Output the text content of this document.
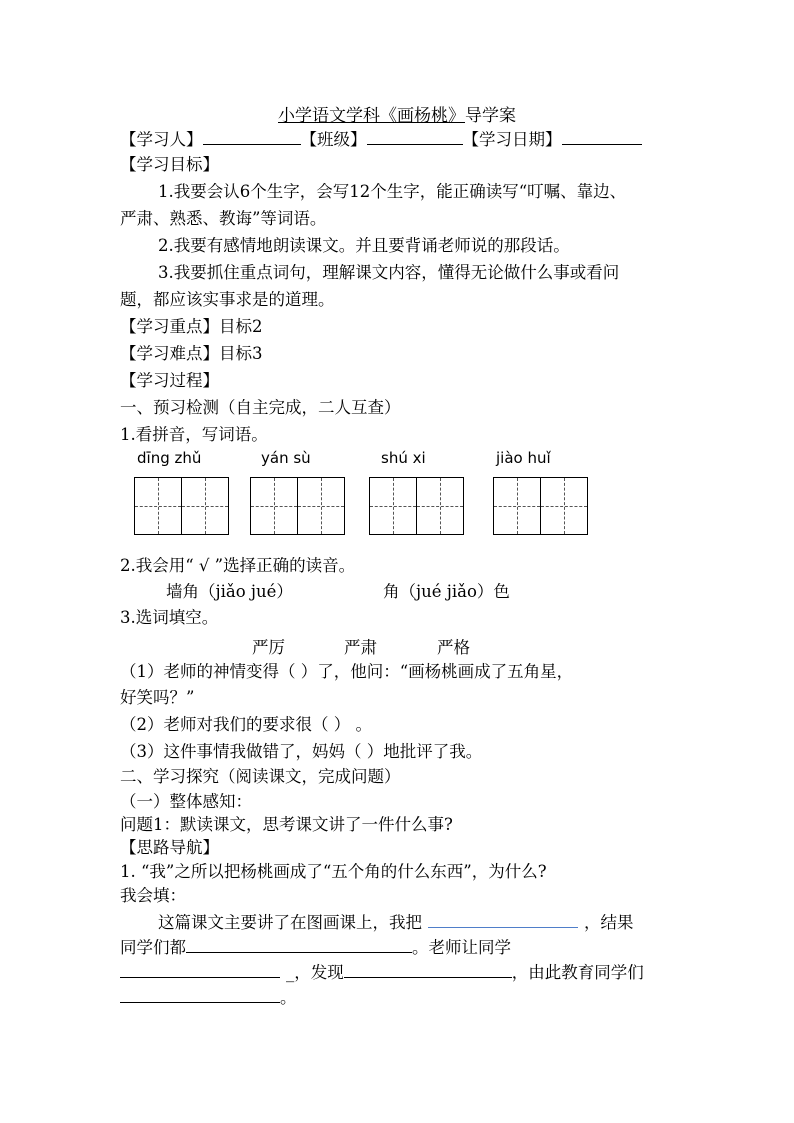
小学语文学科《画杨桃》导学案
【学习人】	【班级】	【学习日期】
【学习目标】
1.我要会认6个生字，会写12个生字，能正确读写“叮嘱、靠边、
严肃、熟悉、教诲”等词语。
2.我要有感情地朗读课文。并且要背诵老师说的那段话。
3.我要抓住重点词句，理解课文内容，懂得无论做什么事或看问
题，都应该实事求是的道理。
【学习重点】目标2
【学习难点】目标3
【学习过程】
一、预习检测（自主完成，二人互查）
1.看拼音，写词语。
dīng zhǔ	yán sù	shú xi	jiào huǐ
2.我会用“ √ ”选择正确的读音。
墙角（jiǎo jué）	角（jué jiǎo）色
3.选词填空。
严厉	严肃	严格
（1）老师的神情变得（ ）了，他问：“画杨桃画成了五角星，
好笑吗？”
（2）老师对我们的要求很（ ） 。
（3）这件事情我做错了，妈妈（ ）地批评了我。
二、学习探究（阅读课文，完成问题）
（一）整体感知：
问题1：默读课文，思考课文讲了一件什么事?
【思路导航】
1. “我”之所以把杨桃画成了“五个角的什么东西”，为什么?
我会填：
这篇课文主要讲了在图画课上，我把	，结果
同学们都	。老师让同学
_，发现	，由此教育同学们
。
